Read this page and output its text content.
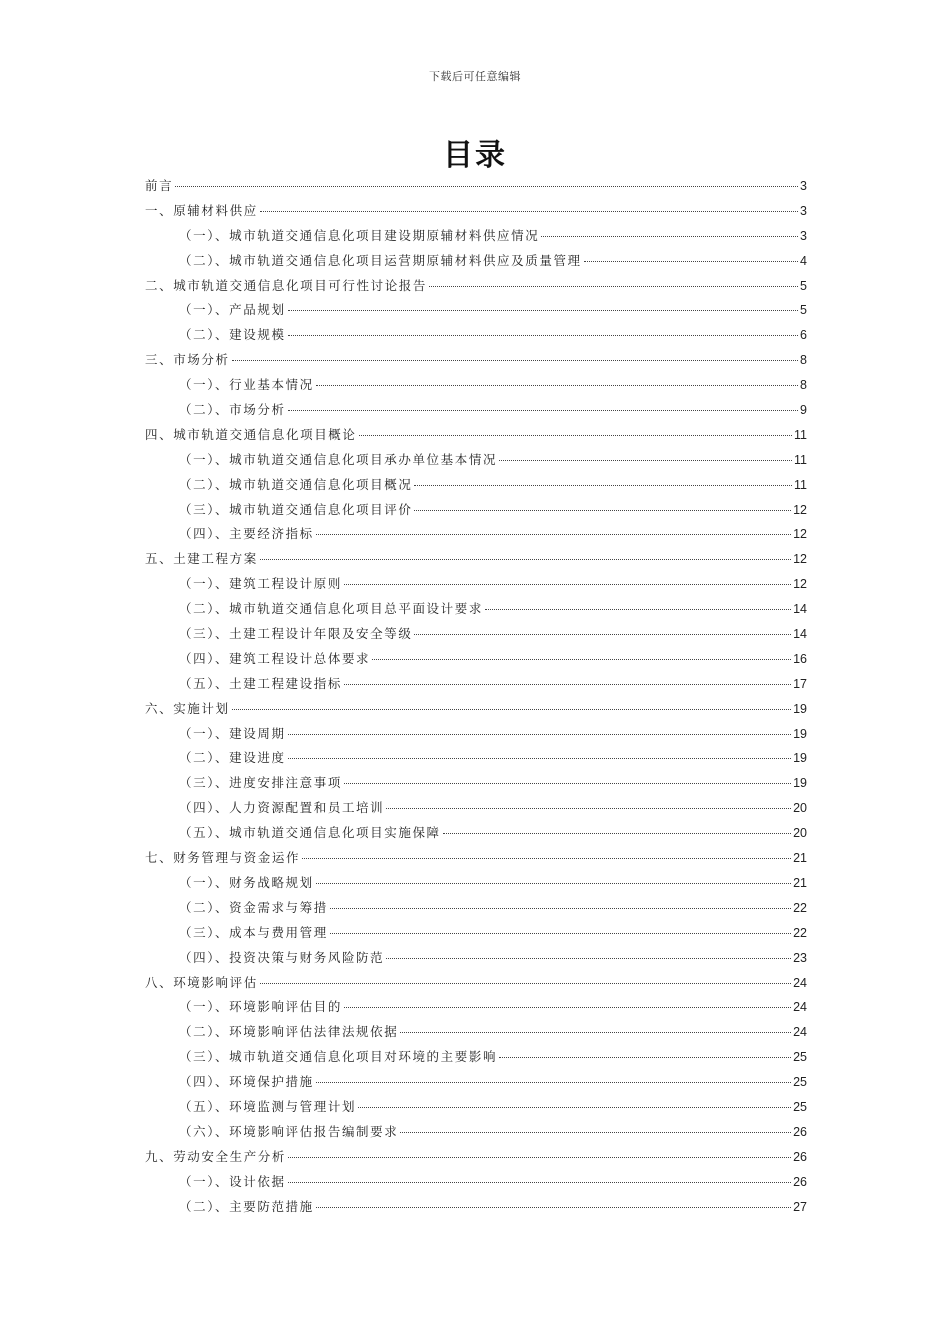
下载后可任意编辑
目录
前言	3
一、原辅材料供应	3
（一）、城市轨道交通信息化项目建设期原辅材料供应情况	3
（二）、城市轨道交通信息化项目运营期原辅材料供应及质量管理	4
二、城市轨道交通信息化项目可行性讨论报告	5
（一）、产品规划	5
（二）、建设规模	6
三、市场分析	8
（一）、行业基本情况	8
（二）、市场分析	9
四、城市轨道交通信息化项目概论	11
（一）、城市轨道交通信息化项目承办单位基本情况	11
（二）、城市轨道交通信息化项目概况	11
（三）、城市轨道交通信息化项目评价	12
（四）、主要经济指标	12
五、土建工程方案	12
（一）、建筑工程设计原则	12
（二）、城市轨道交通信息化项目总平面设计要求	14
（三）、土建工程设计年限及安全等级	14
（四）、建筑工程设计总体要求	16
（五）、土建工程建设指标	17
六、实施计划	19
（一）、建设周期	19
（二）、建设进度	19
（三）、进度安排注意事项	19
（四）、人力资源配置和员工培训	20
（五）、城市轨道交通信息化项目实施保障	20
七、财务管理与资金运作	21
（一）、财务战略规划	21
（二）、资金需求与筹措	22
（三）、成本与费用管理	22
（四）、投资决策与财务风险防范	23
八、环境影响评估	24
（一）、环境影响评估目的	24
（二）、环境影响评估法律法规依据	24
（三）、城市轨道交通信息化项目对环境的主要影响	25
（四）、环境保护措施	25
（五）、环境监测与管理计划	25
（六）、环境影响评估报告编制要求	26
九、劳动安全生产分析	26
（一）、设计依据	26
（二）、主要防范措施	27
